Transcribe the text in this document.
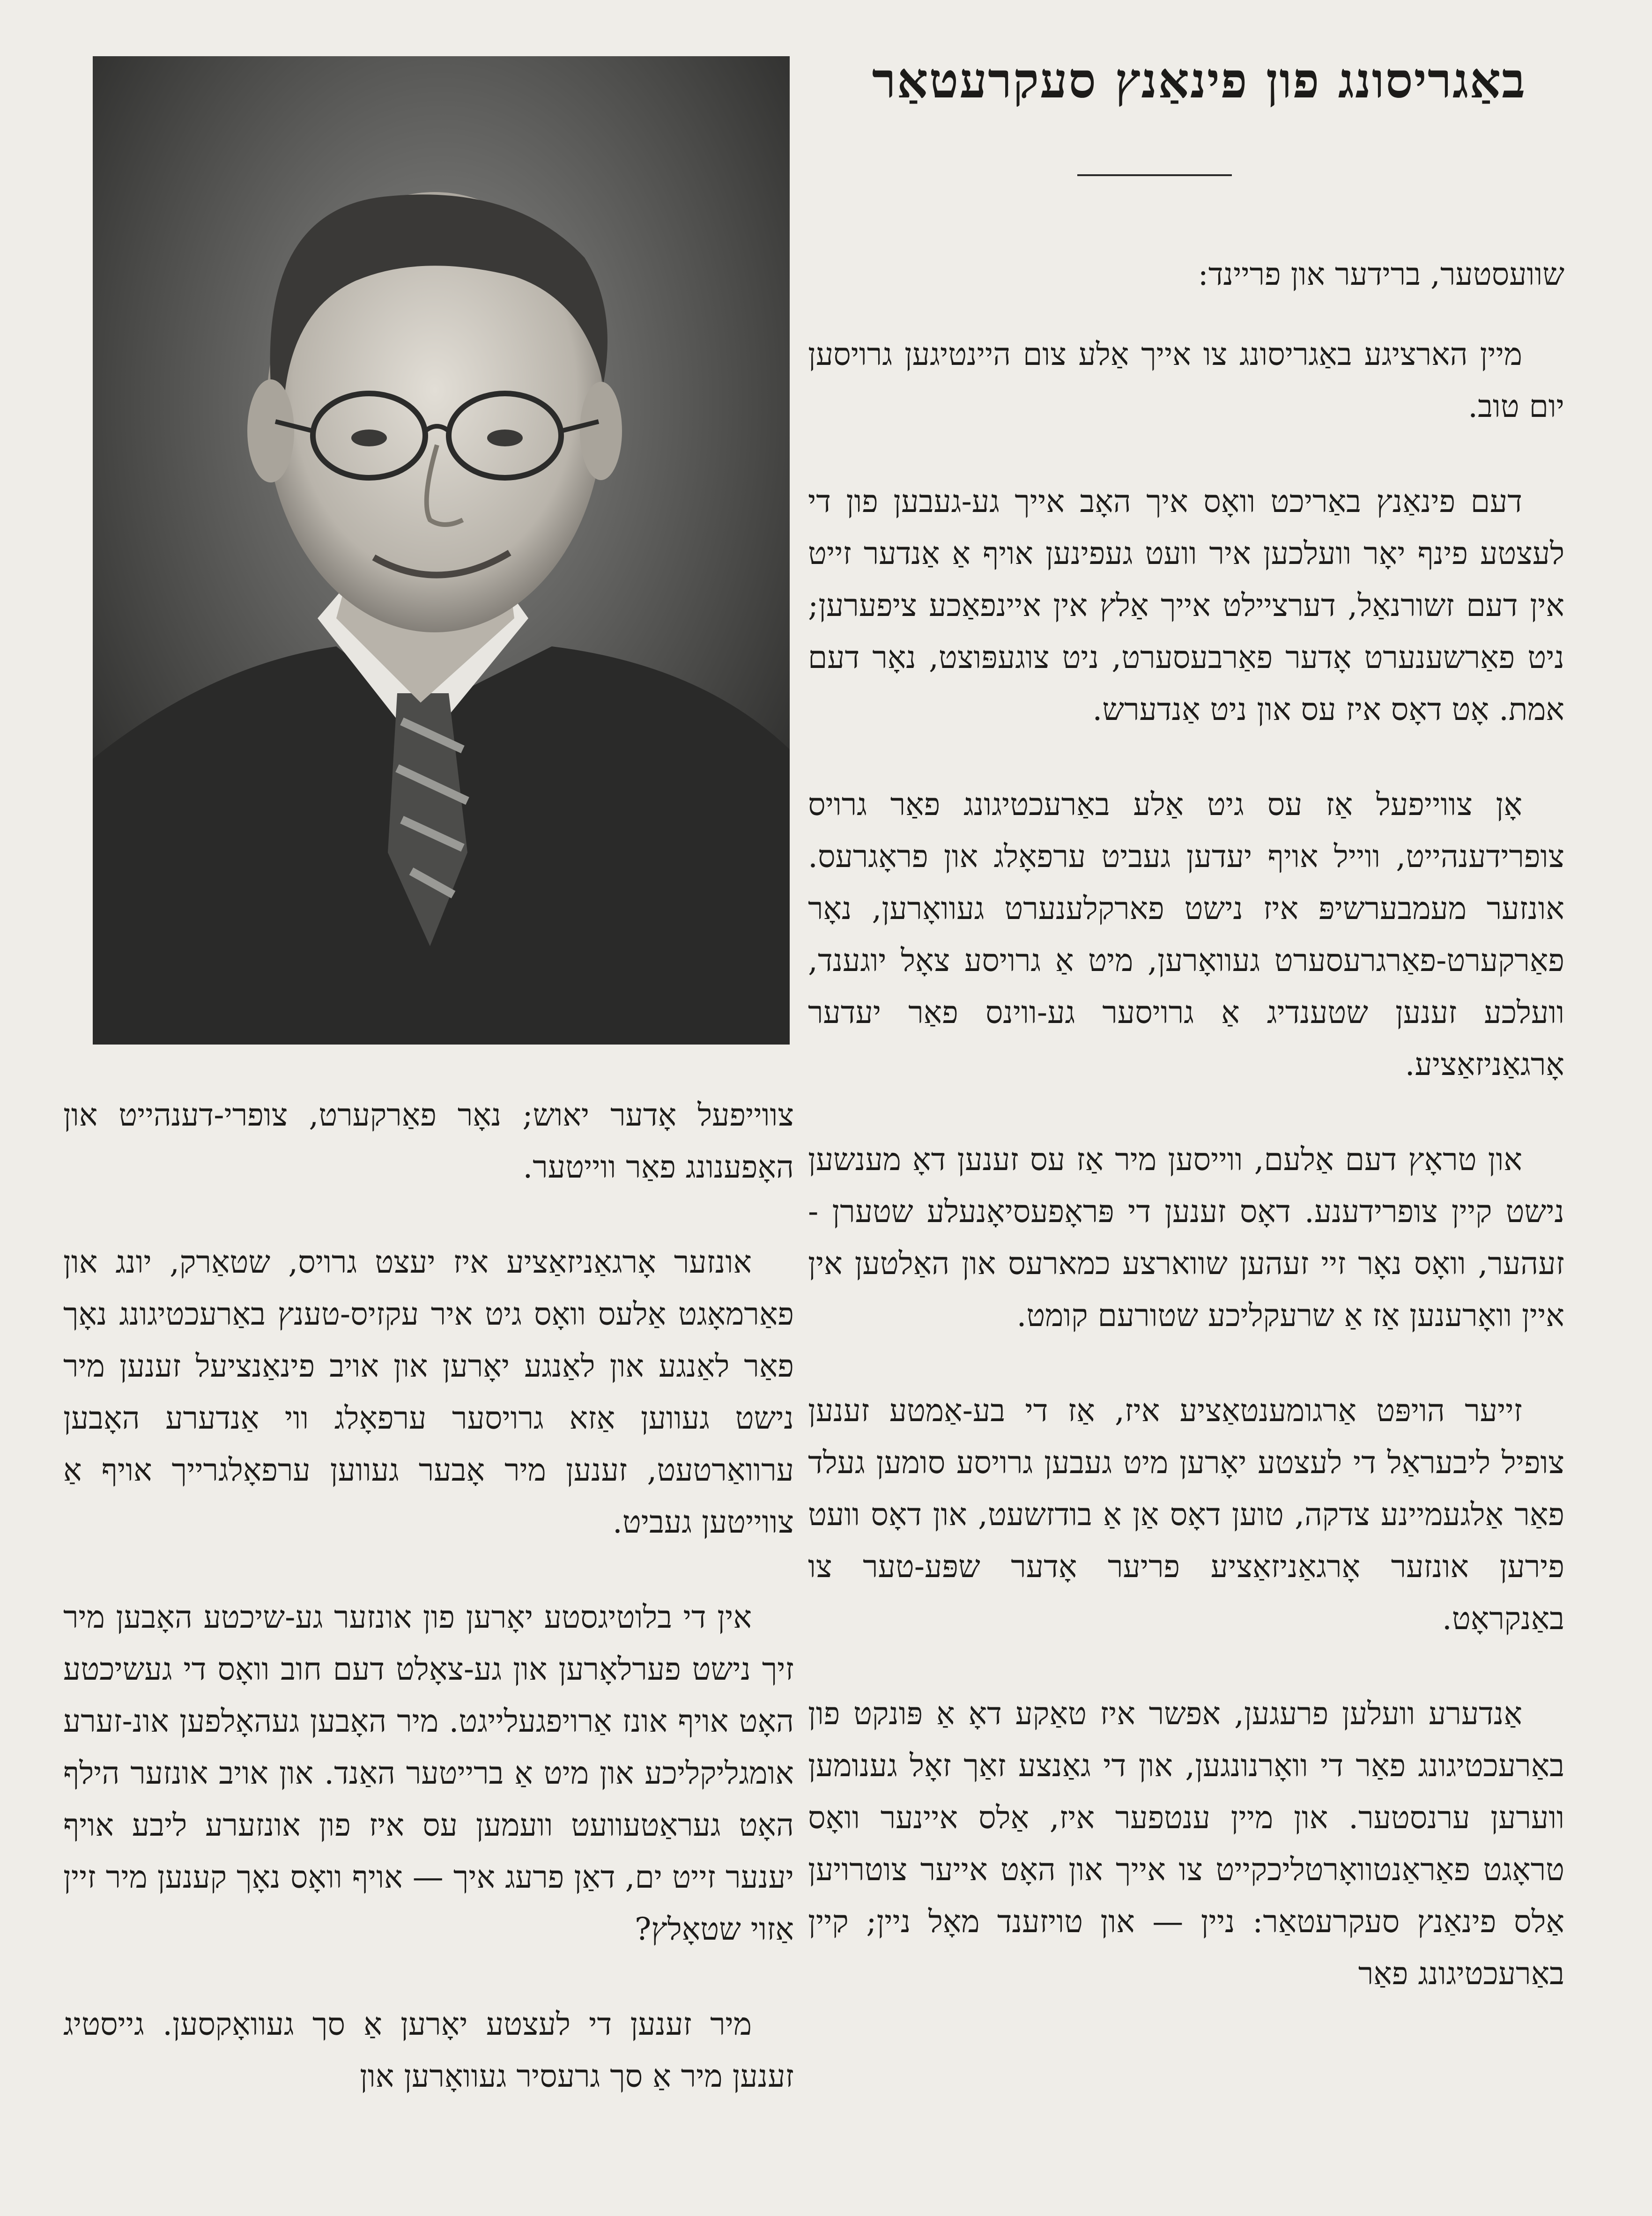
באַגריסונג פון פינאַנץ סעקרעטאַר

שוועסטער, ברידער און פריינד:

מיין הארציגע באַגריסונג צו אייך אַלע צום היינטיגען גרויסען יום טוב.

דעם פינאַנץ באַריכט וואָס איך האָב אייך גע-געבען פון די לעצטע פינף יאָר וועלכען איר וועט געפינען אויף אַ אַנדער זייט אין דעם זשורנאַל, דערציילט אייך אַלץ אין איינפאַכע ציפערען; ניט פאַרשענערט אָדער פאַרבעסערט, ניט צוגעפּוצט, נאָר דעם אמת. אָט דאָס איז עס און ניט אַנדערש.

אָן צווייפעל אַז עס גיט אַלע באַרעכטיגונג פאַר גרויס צופרידענהייט, ווייל אויף יעדען געביט ערפאָלג און פראָגרעס. אונזער מעמבערשיפּ איז נישט פארקלענערט געוואָרען, נאָר פאַרקערט-פאַרגרעסערט געוואָרען, מיט אַ גרויסע צאָל יוגענד, וועלכע זענען שטענדיג אַ גרויסער גע-ווינס פאַר יעדער אָרגאַניזאַציע.

און טראָץ דעם אַלעם, ווייסען מיר אַז עס זענען דאָ מענשען נישט קיין צופרידענע. דאָס זענען די פּראָפעסיאָנעלע שטערן - זעהער, וואָס נאָר זיי זעהען שווארצע כמארעס און האַלטען אין איין וואָרענען אַז אַ שרעקליכע שטורעם קומט.

זייער הויפּט אַרגומענטאַציע איז, אַז די בע-אַמטע זענען צופיל ליבעראַל די לעצטע יאָרען מיט געבען גרויסע סומען געלד פאַר אַלגעמיינע צדקה, טוען דאָס אַן אַ בודזשעט, און דאָס וועט פירען אונזער אָרגאַניזאַציע פריער אָדער שפּע-טער צו באַנקראָט.

אַנדערע וועלען פרעגען, אפשר איז טאַקע דאָ אַ פּונקט פון באַרעכטיגונג פאַר די וואָרנונגען, און די גאַנצע זאַך זאָל גענומען ווערען ערנסטער. און מיין ענטפער איז, אַלס איינער וואָס טראָגט פאַראַנטוואָרטליכקייט צו אייך און האָט אייער צוטרויען אַלס פינאַנץ סעקרעטאַר: ניין — און טויזענד מאָל ניין; קיין באַרעכטיגונג פאַר

צווייפעל אָדער יאוש; נאָר פאַרקערט, צופרי-דענהייט און האָפענונג פאַר ווייטער.

אונזער אָרגאַניזאַציע איז יעצט גרויס, שטאַרק, יונג און פאַרמאָגט אַלעס וואָס גיט איר עקזיס-טענץ באַרעכטיגונג נאָך פאַר לאַנגע און לאַנגע יאָרען און אויב פינאַנציעל זענען מיר נישט געווען אַזא גרויסער ערפאָלג ווי אַנדערע האָבען ערוואַרטעט, זענען מיר אָבער געווען ערפאָלגרייך אויף אַ צווייטען געביט.

אין די בלוטיגסטע יאָרען פון אונזער גע-שיכטע האָבען מיר זיך נישט פערלאָרען און גע-צאָלט דעם חוב וואָס די געשיכטע האָט אויף אונז אַרויפגעלייגט. מיר האָבען געהאָלפען אונ-זערע אומגליקליכע און מיט אַ ברייטער האַנד. און אויב אונזער הילף האָט געראַטעוועט וועמען עס איז פון אונזערע ליבע אויף יענער זייט ים, דאַן פרעג איך — אויף וואָס נאָך קענען מיר זיין אַזוי שטאָלץ?

מיר זענען די לעצטע יאָרען אַ סך געוואָקסען. גייסטיג זענען מיר אַ סך גרעסיר געוואָרען און
